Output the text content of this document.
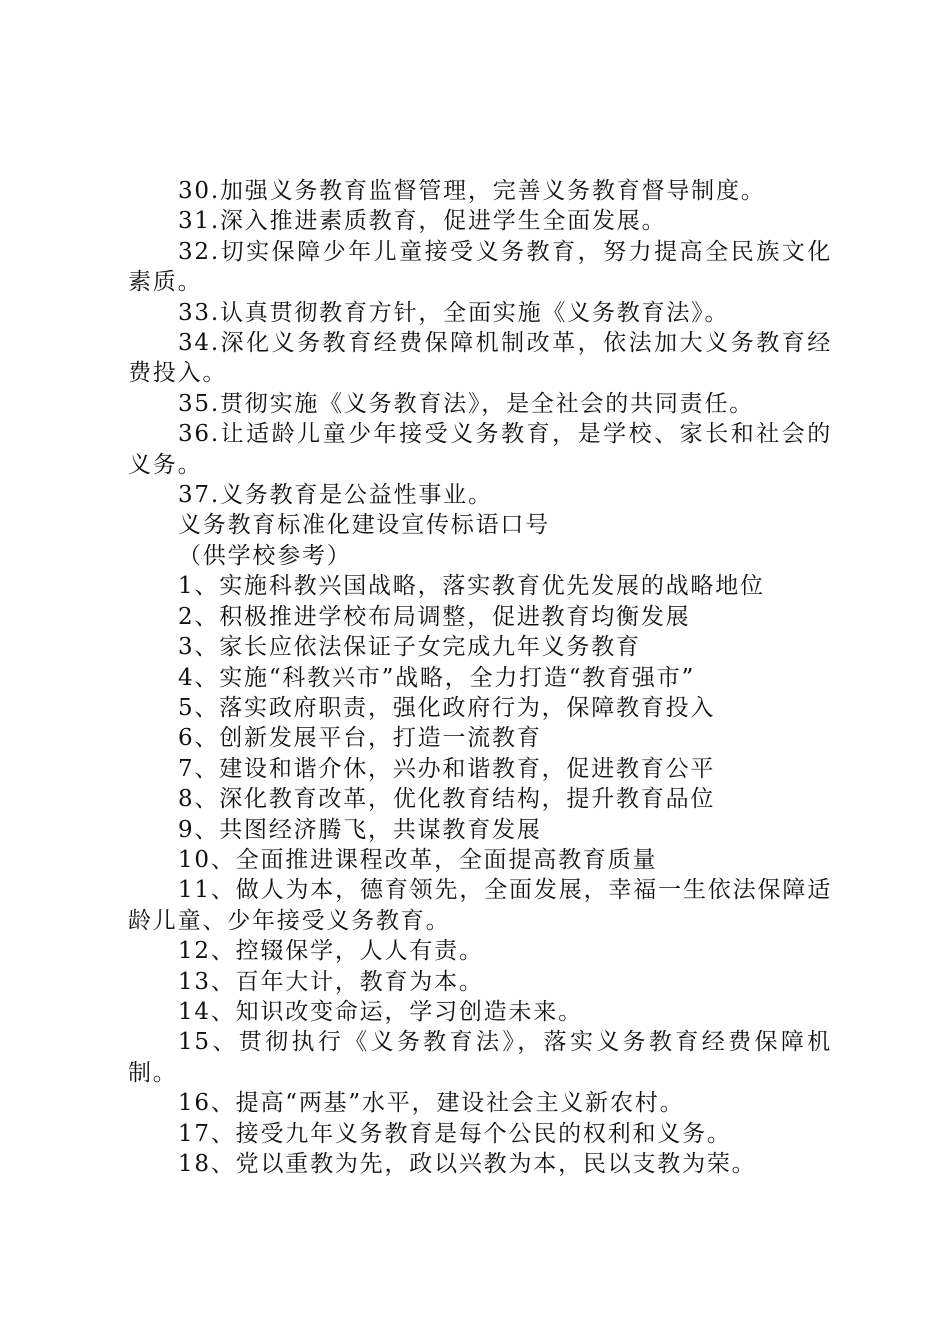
30.加强义务教育监督管理，完善义务教育督导制度。

31.深入推进素质教育，促进学生全面发展。

32.切实保障少年儿童接受义务教育，努力提高全民族文化素质。

33.认真贯彻教育方针，全面实施《义务教育法》。

34.深化义务教育经费保障机制改革，依法加大义务教育经费投入。

35.贯彻实施《义务教育法》，是全社会的共同责任。

36.让适龄儿童少年接受义务教育，是学校、家长和社会的义务。

37.义务教育是公益性事业。

义务教育标准化建设宣传标语口号

（供学校参考）

1、实施科教兴国战略，落实教育优先发展的战略地位

2、积极推进学校布局调整，促进教育均衡发展

3、家长应依法保证子女完成九年义务教育

4、实施“科教兴市”战略，全力打造“教育强市”

5、落实政府职责，强化政府行为，保障教育投入

6、创新发展平台，打造一流教育

7、建设和谐介休，兴办和谐教育，促进教育公平

8、深化教育改革，优化教育结构，提升教育品位

9、共图经济腾飞，共谋教育发展

10、全面推进课程改革，全面提高教育质量

11、做人为本，德育领先，全面发展，幸福一生依法保障适龄儿童、少年接受义务教育。

12、控辍保学，人人有责。

13、百年大计，教育为本。

14、知识改变命运，学习创造未来。

15、贯彻执行《义务教育法》，落实义务教育经费保障机制。

16、提高“两基”水平，建设社会主义新农村。

17、接受九年义务教育是每个公民的权利和义务。

18、党以重教为先，政以兴教为本，民以支教为荣。
